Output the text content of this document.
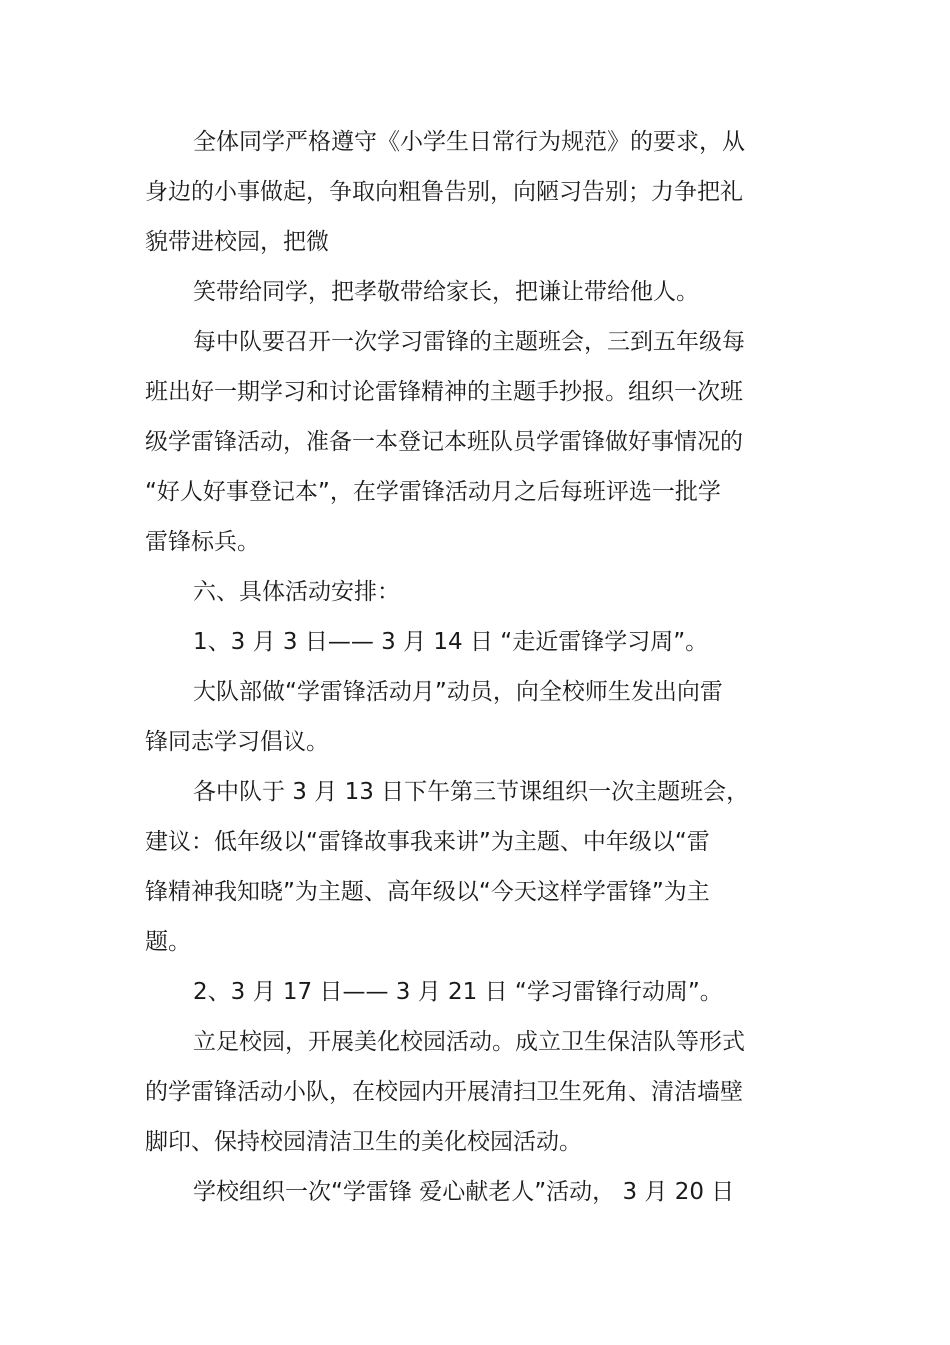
全体同学严格遵守《小学生日常行为规范》的要求，从
身边的小事做起，争取向粗鲁告别，向陋习告别；力争把礼
貌带进校园，把微
笑带给同学，把孝敬带给家长，把谦让带给他人。
每中队要召开一次学习雷锋的主题班会，三到五年级每
班出好一期学习和讨论雷锋精神的主题手抄报。组织一次班
级学雷锋活动，准备一本登记本班队员学雷锋做好事情况的
“好人好事登记本”，在学雷锋活动月之后每班评选一批学
雷锋标兵。
六、具体活动安排：
1、3 月 3 日—— 3 月 14 日 “走近雷锋学习周”。
大队部做“学雷锋活动月”动员，向全校师生发出向雷
锋同志学习倡议。
各中队于 3 月 13 日下午第三节课组织一次主题班会，
建议：低年级以“雷锋故事我来讲”为主题、中年级以“雷
锋精神我知晓”为主题、高年级以“今天这样学雷锋”为主
题。
2、3 月 17 日—— 3 月 21 日 “学习雷锋行动周”。
立足校园，开展美化校园活动。成立卫生保洁队等形式
的学雷锋活动小队，在校园内开展清扫卫生死角、清洁墙壁
脚印、保持校园清洁卫生的美化校园活动。
学校组织一次“学雷锋 爱心献老人”活动， 3 月 20 日
